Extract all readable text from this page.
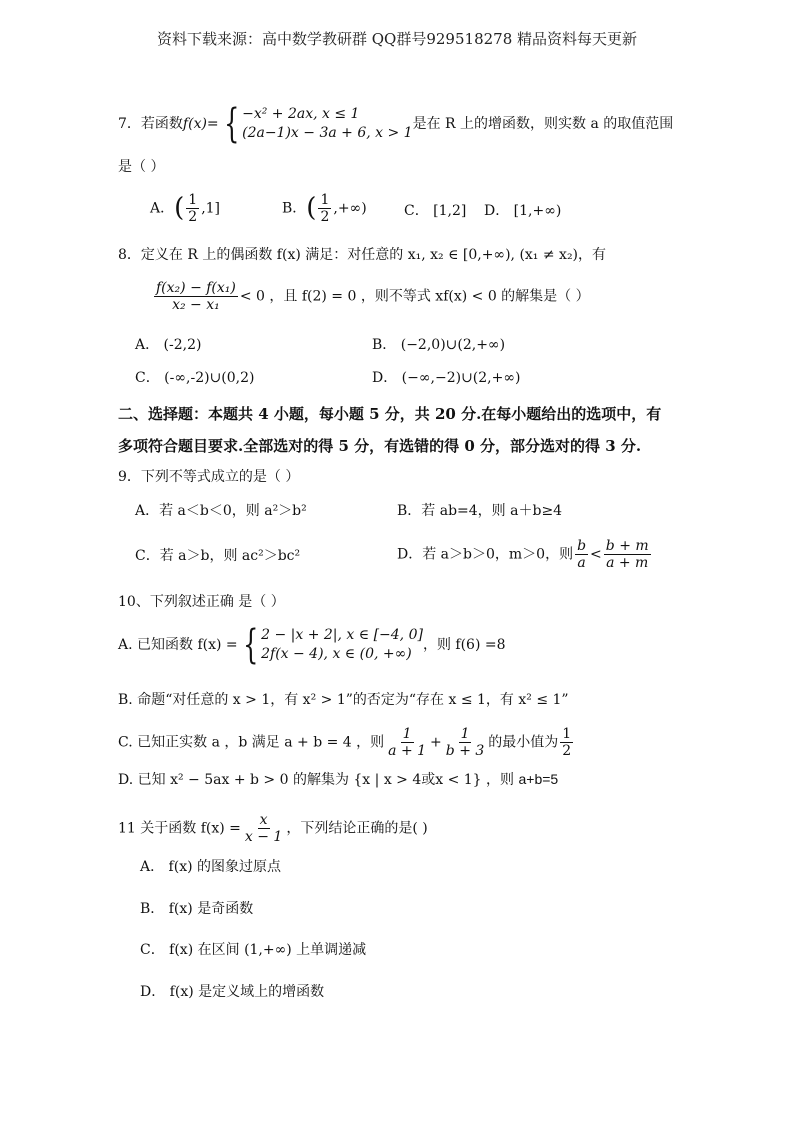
资料下载来源：高中数学教研群 QQ群号929518278 精品资料每天更新
7．若函数f(x)= { −x² + 2ax, x ≤ 1
(2a−1)x − 3a + 6, x > 1
是在 R 上的增函数，则实数 a 的取值范围
是（ ）
A．( $\frac{1}{2} ,1$]	B．( $\frac{1}{2}$ ,+∞)	C． [1,2] D． [1,+∞)
8．定义在 R 上的偶函数 f(x) 满足：对任意的 x₁, x₂ ∈ [0,+∞), (x₁ ≠ x₂)，有
$\frac{\text{f(x₂) − f(x₁)}}{\text{x₂ − x₁}} < 0$ ，且 f(2) = 0 ，则不等式 xf(x) < 0 的解集是（ ）
A． (-2,2)	B． (−2,0)∪(2,+∞)
C． (-∞,-2)∪(0,2)	D． (−∞,−2)∪(2,+∞)
二、选择题：本题共 4 小题，每小题 5 分，共 20 分.在每小题给出的选项中，有
多项符合题目要求.全部选对的得 5 分，有选错的得 0 分，部分选对的得 3 分.
9．下列不等式成立的是（ ）
A．若 a＜b＜0，则 a²＞b²	B．若 ab=4，则 a＋b≥4
C．若 a＞b，则 ac²＞bc²	D．若 a＞b＞0，m＞0，则 $\frac{b}{a} < \frac{b + m}{a + m}$
10、下列叙述正确 是（ ）
A. 已知函数 f(x) = { 2 − |x + 2|, x ∈ [−4, 0]
2f(x − 4), x ∈ (0, +∞)
，则 f(6) =8
B. 命题“对任意的 x > 1，有 x² > 1”的否定为“存在 x ≤ 1，有 x² ≤ 1”
C. 已知正实数 a ，b 满足 a + b = 4 ，则 $\frac{1}{a + 1} + \frac{1}{b + 3}$ 的最小值为 $\frac{1}{2}$
D. 已知 x² − 5ax + b > 0 的解集为 {x | x > 4或x < 1} ，则 a+b=5
11 关于函数 $f(x) = \frac{x}{x - 1}$ ，下列结论正确的是( )
A． f(x) 的图象过原点
B． f(x) 是奇函数
C． f(x) 在区间 (1,+∞) 上单调递减
D． f(x) 是定义域上的增函数
